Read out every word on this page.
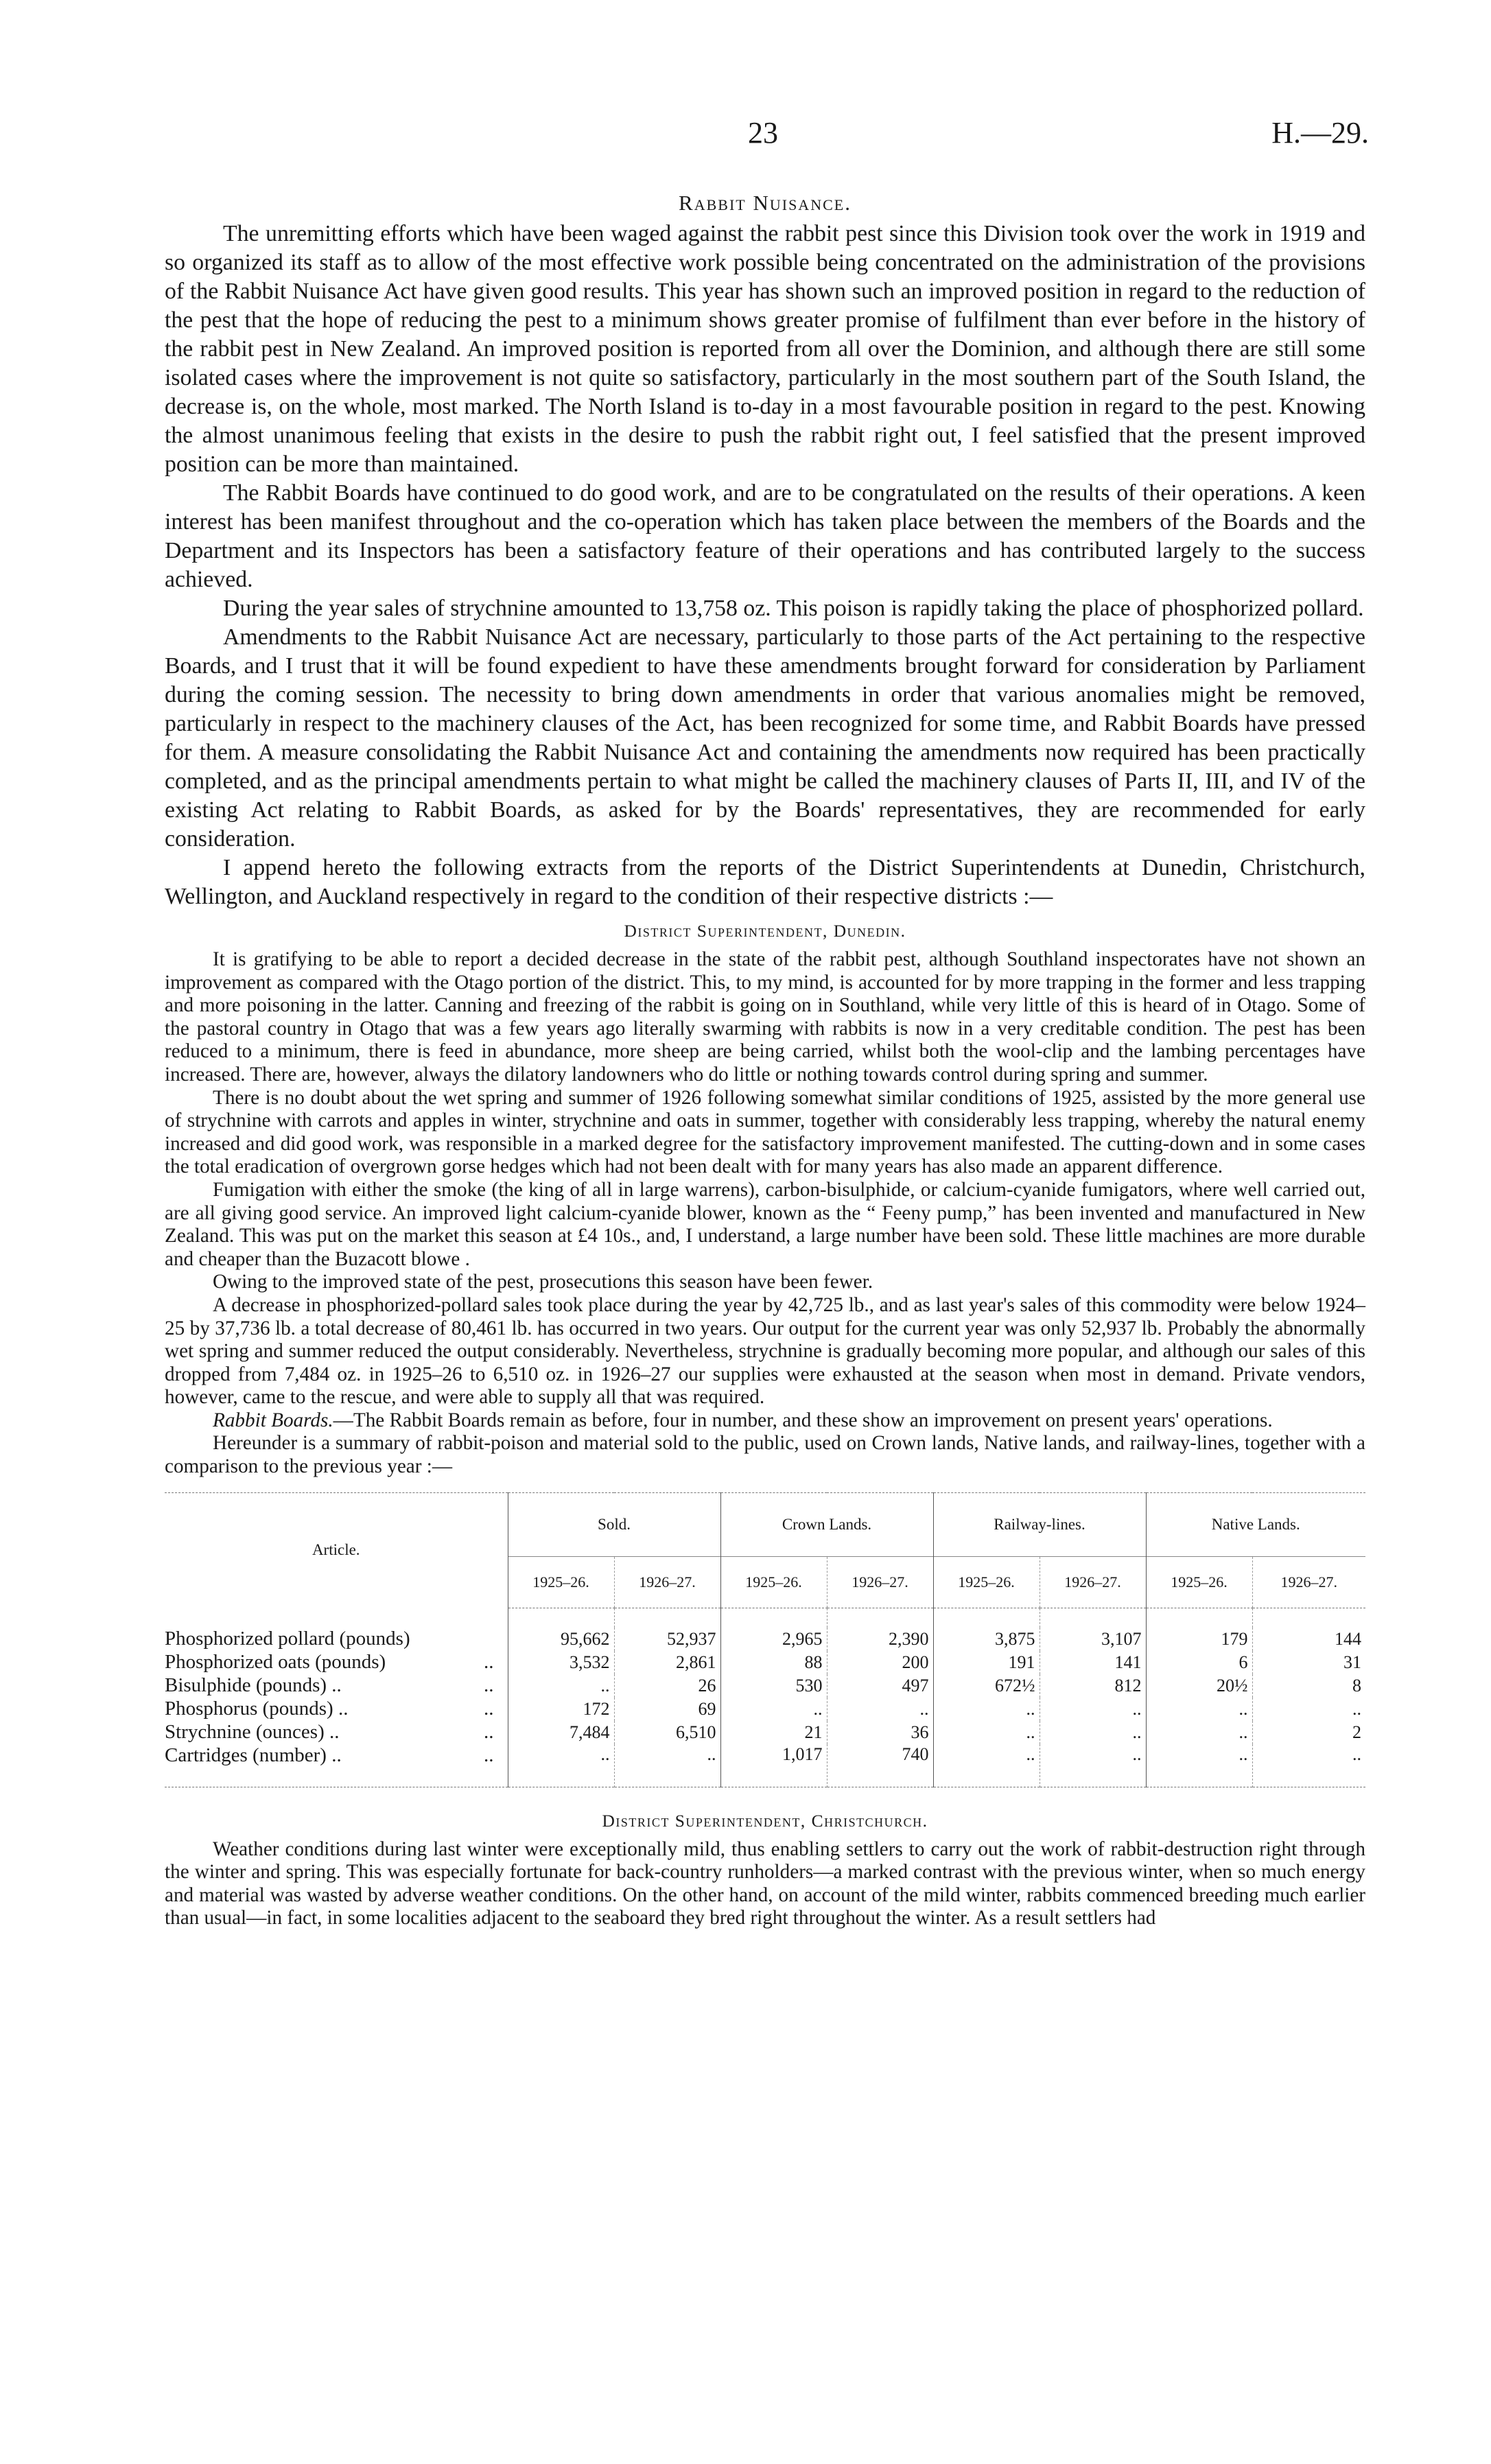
23	H.—29.
Rabbit Nuisance.

The unremitting efforts which have been waged against the rabbit pest since this Division took over the work in 1919 and so organized its staff as to allow of the most effective work possible being concentrated on the administration of the provisions of the Rabbit Nuisance Act have given good results. This year has shown such an improved position in regard to the reduction of the pest that the hope of reducing the pest to a minimum shows greater promise of fulfilment than ever before in the history of the rabbit pest in New Zealand. An improved position is reported from all over the Dominion, and although there are still some isolated cases where the improvement is not quite so satisfactory, particularly in the most southern part of the South Island, the decrease is, on the whole, most marked. The North Island is to-day in a most favourable position in regard to the pest. Knowing the almost unanimous feeling that exists in the desire to push the rabbit right out, I feel satisfied that the present improved position can be more than maintained.

The Rabbit Boards have continued to do good work, and are to be congratulated on the results of their operations. A keen interest has been manifest throughout and the co-operation which has taken place between the members of the Boards and the Department and its Inspectors has been a satisfactory feature of their operations and has contributed largely to the success achieved.

During the year sales of strychnine amounted to 13,758 oz. This poison is rapidly taking the place of phosphorized pollard.

Amendments to the Rabbit Nuisance Act are necessary, particularly to those parts of the Act pertaining to the respective Boards, and I trust that it will be found expedient to have these amendments brought forward for consideration by Parliament during the coming session. The necessity to bring down amendments in order that various anomalies might be removed, particularly in respect to the machinery clauses of the Act, has been recognized for some time, and Rabbit Boards have pressed for them. A measure consolidating the Rabbit Nuisance Act and containing the amendments now required has been practically completed, and as the principal amendments pertain to what might be called the machinery clauses of Parts II, III, and IV of the existing Act relating to Rabbit Boards, as asked for by the Boards' representatives, they are recommended for early consideration.

I append hereto the following extracts from the reports of the District Superintendents at Dunedin, Christchurch, Wellington, and Auckland respectively in regard to the condition of their respective districts :—

District Superintendent, Dunedin.

It is gratifying to be able to report a decided decrease in the state of the rabbit pest, although Southland inspectorates have not shown an improvement as compared with the Otago portion of the district. This, to my mind, is accounted for by more trapping in the former and less trapping and more poisoning in the latter. Canning and freezing of the rabbit is going on in Southland, while very little of this is heard of in Otago. Some of the pastoral country in Otago that was a few years ago literally swarming with rabbits is now in a very creditable condition. The pest has been reduced to a minimum, there is feed in abundance, more sheep are being carried, whilst both the wool-clip and the lambing percentages have increased. There are, however, always the dilatory landowners who do little or nothing towards control during spring and summer.

There is no doubt about the wet spring and summer of 1926 following somewhat similar conditions of 1925, assisted by the more general use of strychnine with carrots and apples in winter, strychnine and oats in summer, together with considerably less trapping, whereby the natural enemy increased and did good work, was responsible in a marked degree for the satisfactory improvement manifested. The cutting-down and in some cases the total eradication of overgrown gorse hedges which had not been dealt with for many years has also made an apparent difference.

Fumigation with either the smoke (the king of all in large warrens), carbon-bisulphide, or calcium-cyanide fumigators, where well carried out, are all giving good service. An improved light calcium-cyanide blower, known as the “ Feeny pump,” has been invented and manufactured in New Zealand. This was put on the market this season at £4 10s., and, I understand, a large number have been sold. These little machines are more durable and cheaper than the Buzacott blowe .

Owing to the improved state of the pest, prosecutions this season have been fewer.

A decrease in phosphorized-pollard sales took place during the year by 42,725 lb., and as last year's sales of this commodity were below 1924–25 by 37,736 lb. a total decrease of 80,461 lb. has occurred in two years. Our output for the current year was only 52,937 lb. Probably the abnormally wet spring and summer reduced the output considerably. Nevertheless, strychnine is gradually becoming more popular, and although our sales of this dropped from 7,484 oz. in 1925–26 to 6,510 oz. in 1926–27 our supplies were exhausted at the season when most in demand. Private vendors, however, came to the rescue, and were able to supply all that was required.

Rabbit Boards.—The Rabbit Boards remain as before, four in number, and these show an improvement on present years' operations.

Hereunder is a summary of rabbit-poison and material sold to the public, used on Crown lands, Native lands, and railway-lines, together with a comparison to the previous year :—

Article.	Sold.		Crown Lands.		Railway-lines.		Native Lands.	
	1925–26.	1926–27.	1925–26.	1926–27.	1925–26.	1926–27.	1925–26.	1926–27.

Phosphorized pollard (pounds)	95,662	52,937	2,965	2,390	3,875	3,107	179	144
Phosphorized oats (pounds) ..	3,532	2,861	88	200	191	141	6	31
Bisulphide (pounds) .. ..	..	26	530	497	672½	812	20½	8
Phosphorus (pounds) .. ..	172	69	..	..	..	..	..	..
Strychnine (ounces) .. ..	7,484	6,510	21	36	..	..	..	2
Cartridges (number) .. ..	..	..	1,017	740	..	..	..	..
District Superintendent, Christchurch.

Weather conditions during last winter were exceptionally mild, thus enabling settlers to carry out the work of rabbit-destruction right through the winter and spring. This was especially fortunate for back-country runholders—a marked contrast with the previous winter, when so much energy and material was wasted by adverse weather conditions. On the other hand, on account of the mild winter, rabbits commenced breeding much earlier than usual—in fact, in some localities adjacent to the seaboard they bred right throughout the winter. As a result settlers had
